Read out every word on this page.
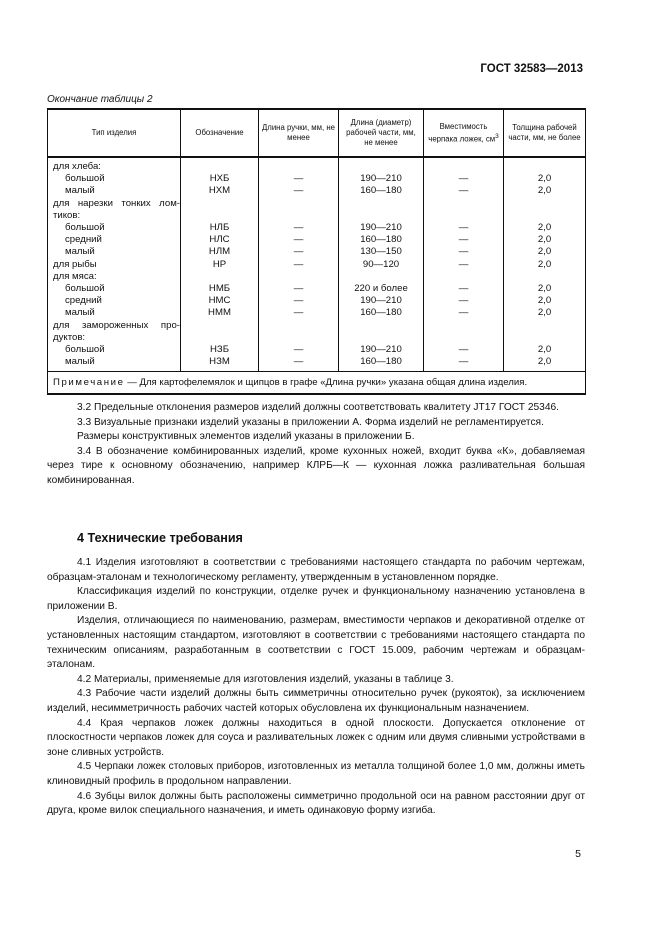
ГОСТ 32583—2013
Окончание таблицы 2
Тип изделия	Обозначение	Длина ручки, мм, не менее	Длина (диаметр) рабочей части, мм, не менее	Вместимость черпака ложек, $см^3$	Толщина рабочей части, мм, не более
для хлеба:					
большой	НХБ	—	190—210	—	2,0
малый	НХМ	—	160—180	—	2,0
для нарезки тонких лом-					
тиков:					
большой	НЛБ	—	190—210	—	2,0
средний	НЛС	—	160—180	—	2,0
малый	НЛМ	—	130—150	—	2,0
для рыбы	НР	—	90—120	—	2,0
для мяса:					
большой	НМБ	—	220 и более	—	2,0
средний	НМС	—	190—210	—	2,0
малый	НММ	—	160—180	—	2,0
для замороженных про-					
дуктов:					
большой	НЗБ	—	190—210	—	2,0
малый	НЗМ	—	160—180	—	2,0
Примечание — Для картофелемялок и щипцов в графе «Длина ручки» указана общая длина изделия.					

3.2 Предельные отклонения размеров изделий должны соответствовать квалитету JT17 ГОСТ 25346.

3.3 Визуальные признаки изделий указаны в приложении А. Форма изделий не регламентируется.

Размеры конструктивных элементов изделий указаны в приложении Б.

3.4 В обозначение комбинированных изделий, кроме кухонных ножей, входит буква «К», добавляемая через тире к основному обозначению, например КЛРБ—К — кухонная ложка разливательная большая комбинированная.

4 Технические требования

4.1 Изделия изготовляют в соответствии с требованиями настоящего стандарта по рабочим чертежам, образцам-эталонам и технологическому регламенту, утвержденным в установленном порядке.

Классификация изделий по конструкции, отделке ручек и функциональному назначению установлена в приложении В.

Изделия, отличающиеся по наименованию, размерам, вместимости черпаков и декоративной отделке от установленных настоящим стандартом, изготовляют в соответствии с требованиями настоящего стандарта по техническим описаниям, разработанным в соответствии с ГОСТ 15.009, рабочим чертежам и образцам-эталонам.

4.2 Материалы, применяемые для изготовления изделий, указаны в таблице 3.

4.3 Рабочие части изделий должны быть симметричны относительно ручек (рукояток), за исключением изделий, несимметричность рабочих частей которых обусловлена их функциональным назначением.

4.4 Края черпаков ложек должны находиться в одной плоскости. Допускается отклонение от плоскостности черпаков ложек для соуса и разливательных ложек с одним или двумя сливными устройствами в зоне сливных устройств.

4.5 Черпаки ложек столовых приборов, изготовленных из металла толщиной более 1,0 мм, должны иметь клиновидный профиль в продольном направлении.

4.6 Зубцы вилок должны быть расположены симметрично продольной оси на равном расстоянии друг от друга, кроме вилок специального назначения, и иметь одинаковую форму изгиба.

5
